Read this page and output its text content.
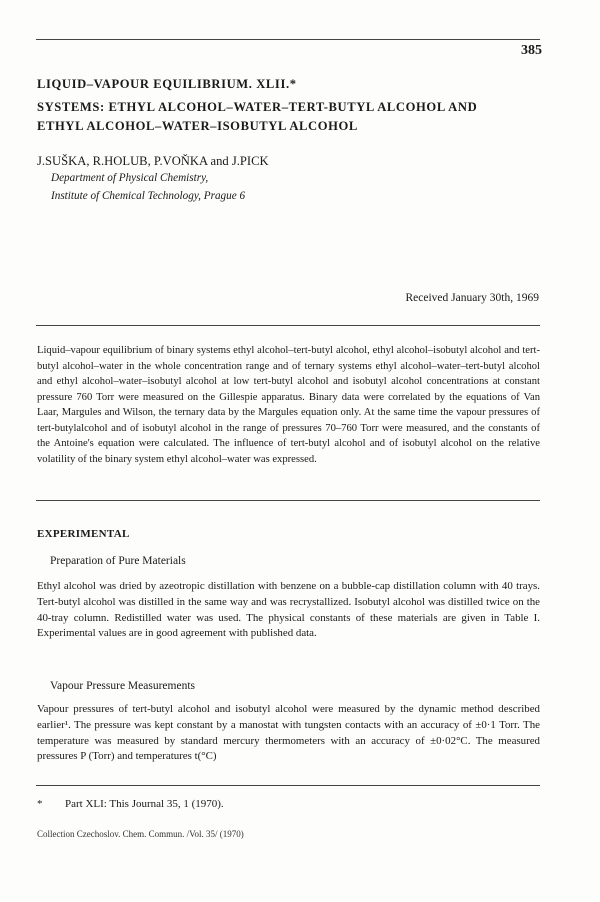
385
LIQUID–VAPOUR EQUILIBRIUM. XLII.*
SYSTEMS: ETHYL ALCOHOL–WATER–TERT-BUTYL ALCOHOL AND
ETHYL ALCOHOL–WATER–ISOBUTYL ALCOHOL
J.SUŠKA, R.HOLUB, P.VOŇKA and J.PICK
Department of Physical Chemistry,
Institute of Chemical Technology, Prague 6
Received January 30th, 1969
Liquid–vapour equilibrium of binary systems ethyl alcohol–tert-butyl alcohol, ethyl alcohol–isobutyl alcohol and tert-butyl alcohol–water in the whole concentration range and of ternary systems ethyl alcohol–water–tert-butyl alcohol and ethyl alcohol–water–isobutyl alcohol at low tert-butyl alcohol and isobutyl alcohol concentrations at constant pressure 760 Torr were measured on the Gillespie apparatus. Binary data were correlated by the equations of Van Laar, Margules and Wilson, the ternary data by the Margules equation only. At the same time the vapour pressures of tert-butylalcohol and of isobutyl alcohol in the range of pressures 70–760 Torr were measured, and the constants of the Antoine's equation were calculated. The influence of tert-butyl alcohol and of isobutyl alcohol on the relative volatility of the binary system ethyl alcohol–water was expressed.
EXPERIMENTAL
Preparation of Pure Materials
Ethyl alcohol was dried by azeotropic distillation with benzene on a bubble-cap distillation column with 40 trays. Tert-butyl alcohol was distilled in the same way and was recrystallized. Isobutyl alcohol was distilled twice on the 40-tray column. Redistilled water was used. The physical constants of these materials are given in Table I. Experimental values are in good agreement with published data.
Vapour Pressure Measurements
Vapour pressures of tert-butyl alcohol and isobutyl alcohol were measured by the dynamic method described earlier¹. The pressure was kept constant by a manostat with tungsten contacts with an accuracy of ±0·1 Torr. The temperature was measured by standard mercury thermometers with an accuracy of ±0·02°C. The measured pressures P (Torr) and temperatures t(°C)
* Part XLI: This Journal 35, 1 (1970).
Collection Czechoslov. Chem. Commun. /Vol. 35/ (1970)
